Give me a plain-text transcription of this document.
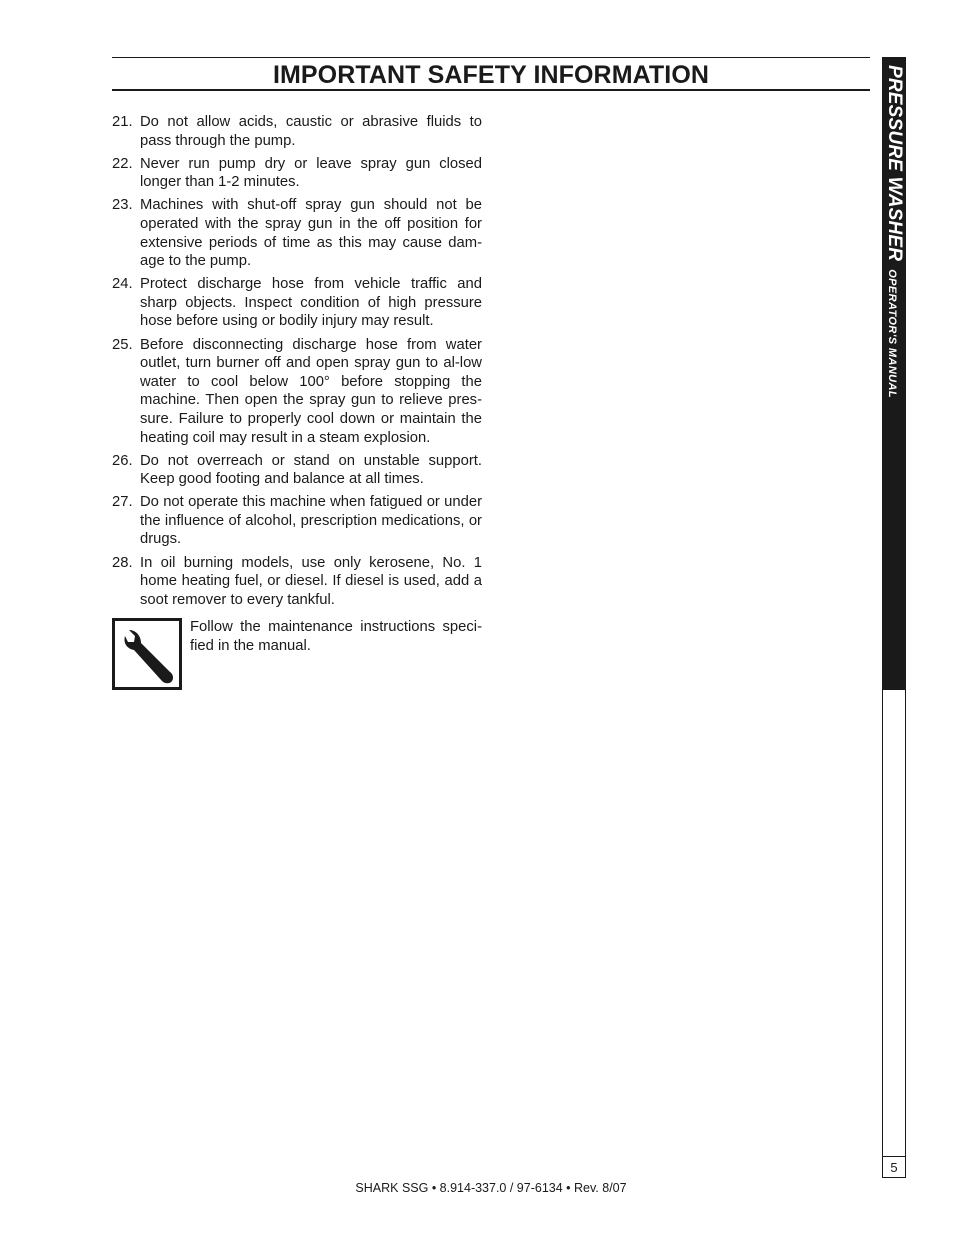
IMPORTANT SAFETY INFORMATION
21. Do not allow acids, caustic or abrasive fluids to pass through the pump.
22. Never run pump dry or leave spray gun closed longer than 1-2 minutes.
23. Machines with shut-off spray gun should not be operated with the spray gun in the off position for extensive periods of time as this may cause dam-age to the pump.
24. Protect discharge hose from vehicle traffic and sharp objects. Inspect condition of high pressure hose before using or bodily injury may result.
25. Before disconnecting discharge hose from water outlet, turn burner off and open spray gun to al-low water to cool below 100° before stopping the machine. Then open the spray gun to relieve pres-sure. Failure to properly cool down or maintain the heating coil may result in a steam explosion.
26. Do not overreach or stand on unstable support. Keep good footing and balance at all times.
27. Do not operate this machine when fatigued or under the influence of alcohol, prescription medications, or drugs.
28. In oil burning models, use only kerosene, No. 1 home heating fuel, or diesel. If diesel is used, add a soot remover to every tankful.
Follow the maintenance instructions speci-fied in the manual.
PRESSURE WASHEROPERATOR'S MANUAL
5
SHARK SSG • 8.914-337.0 / 97-6134 • Rev. 8/07
